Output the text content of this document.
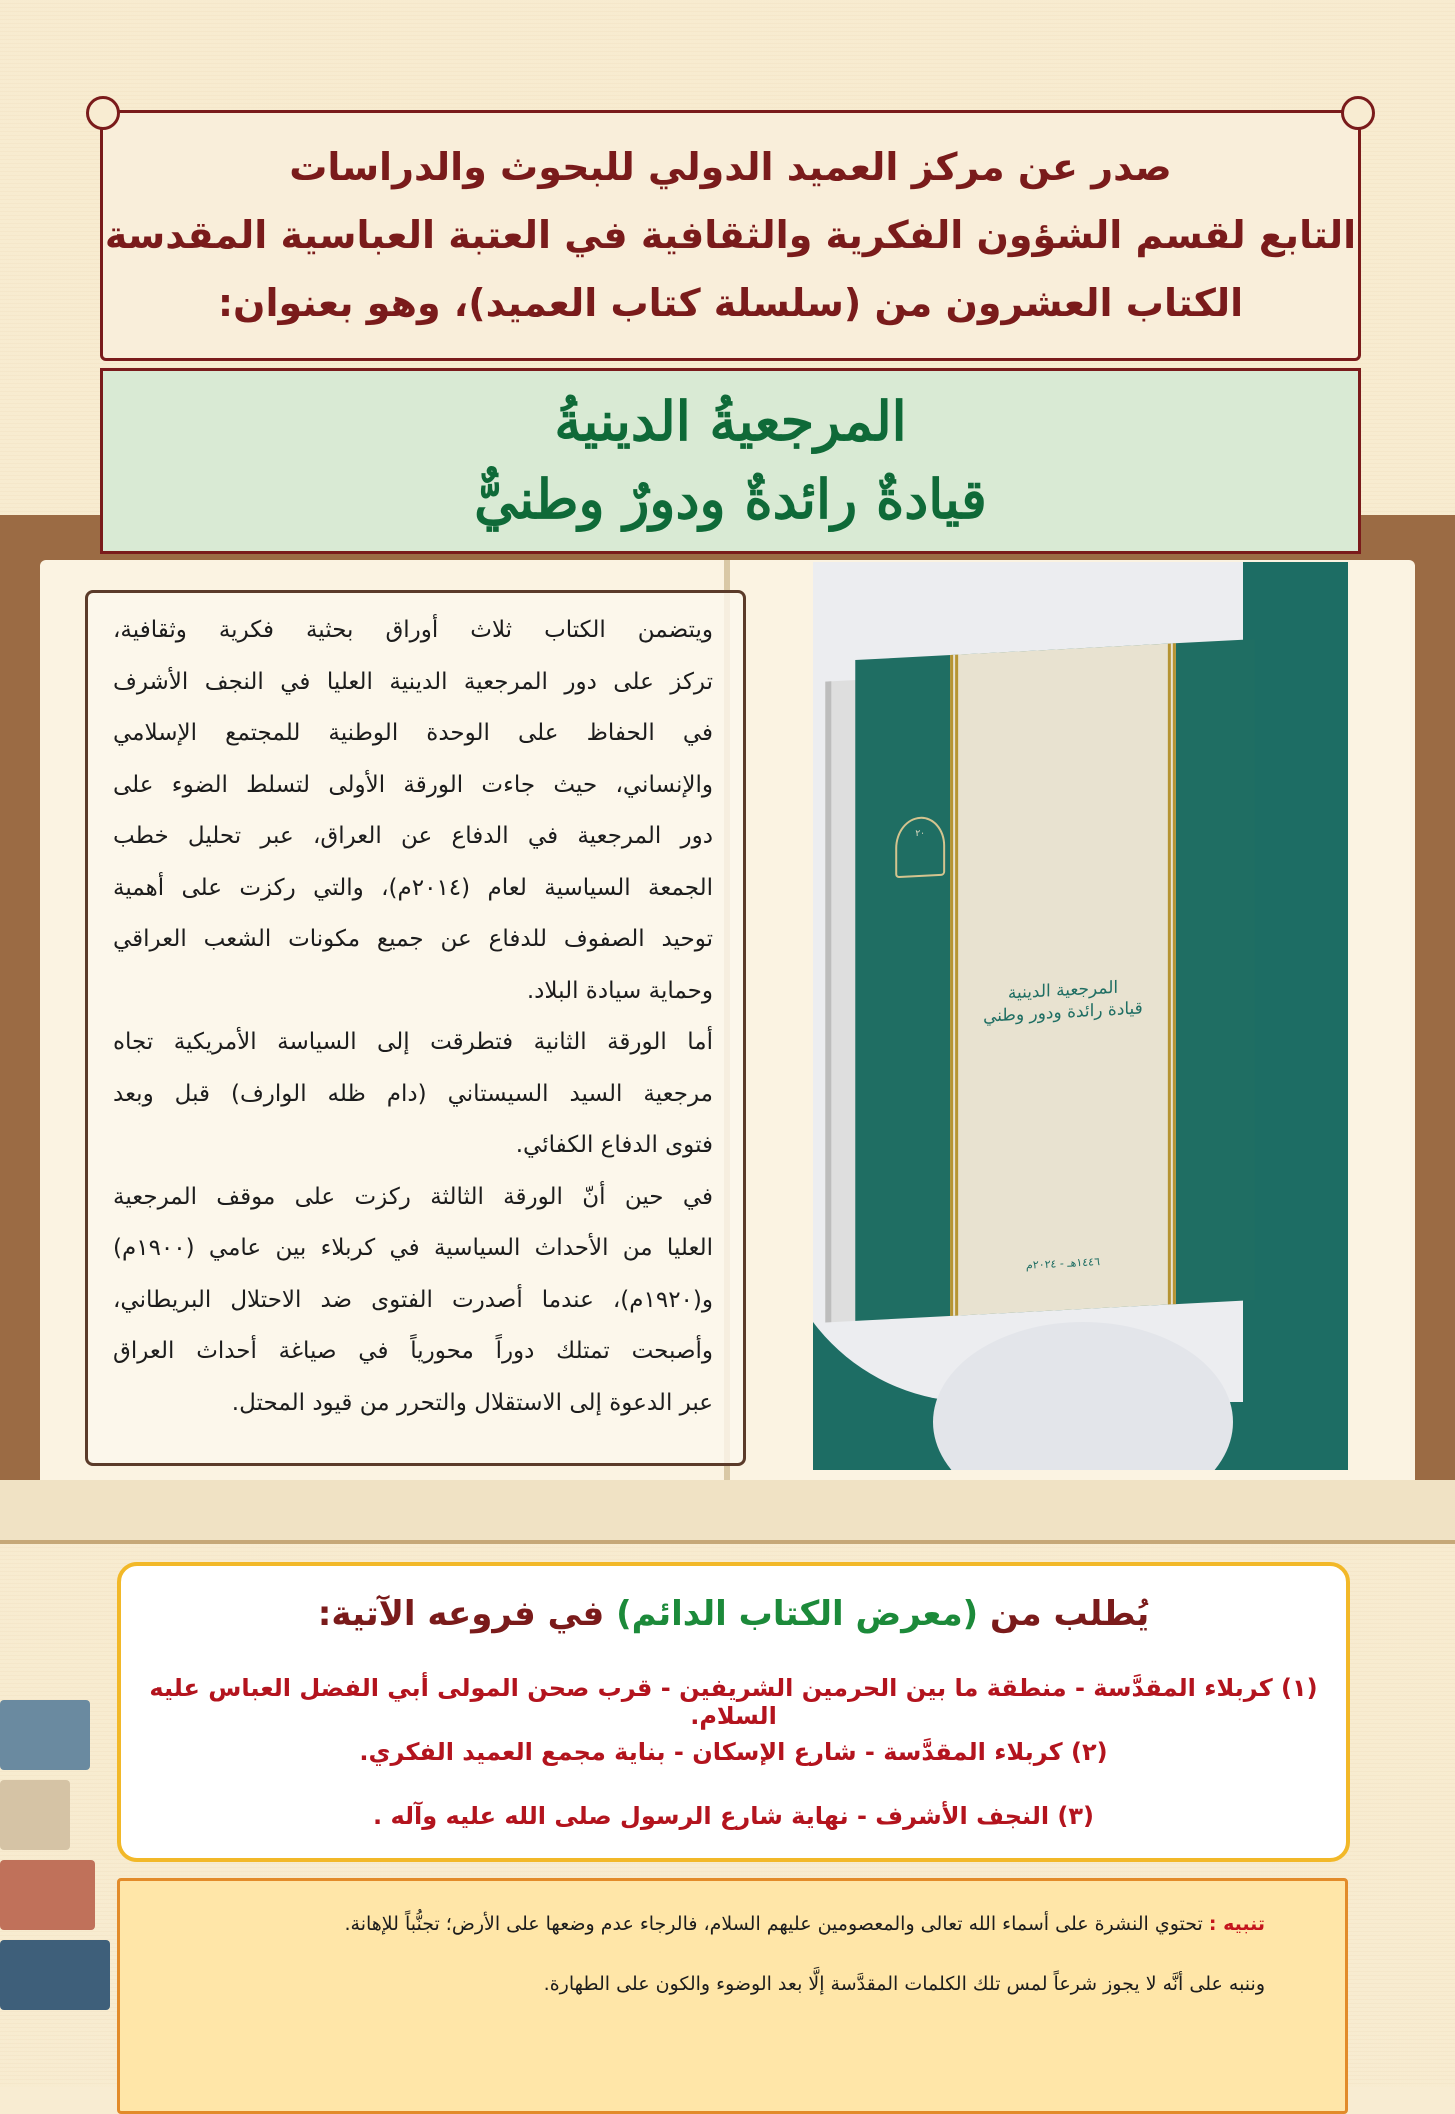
صدر عن مركز العميد الدولي للبحوث والدراسات
التابع لقسم الشؤون الفكرية والثقافية في العتبة العباسية المقدسة
الكتاب العشرون من (سلسلة كتاب العميد)، وهو بعنوان:
المرجعيةُ الدينيةُ
قيادةٌ رائدةٌ ودورٌ وطنيٌّ
ويتضمن الكتاب ثلاث أوراق بحثية فكرية وثقافية،
تركز على دور المرجعية الدينية العليا في النجف الأشرف
في الحفاظ على الوحدة الوطنية للمجتمع الإسلامي
والإنساني، حيث جاءت الورقة الأولى لتسلط الضوء على
دور المرجعية في الدفاع عن العراق، عبر تحليل خطب
الجمعة السياسية لعام (٢٠١٤م)، والتي ركزت على أهمية
توحيد الصفوف للدفاع عن جميع مكونات الشعب العراقي
وحماية سيادة البلاد.
أما الورقة الثانية فتطرقت إلى السياسة الأمريكية تجاه
مرجعية السيد السيستاني (دام ظله الوارف) قبل وبعد
فتوى الدفاع الكفائي.
في حين أنّ الورقة الثالثة ركزت على موقف المرجعية
العليا من الأحداث السياسية في كربلاء بين عامي (١٩٠٠م)
و(١٩٢٠م)، عندما أصدرت الفتوى ضد الاحتلال البريطاني،
وأصبحت تمتلك دوراً محورياً في صياغة أحداث العراق
عبر الدعوة إلى الاستقلال والتحرر من قيود المحتل.
المرجعية الدينية
قيادة رائدة ودور وطني
١٤٤٦هـ - ٢٠٢٤م
٢٠
يُطلب من (معرض الكتاب الدائم) في فروعه الآتية:
(١) كربلاء المقدَّسة - منطقة ما بين الحرمين الشريفين - قرب صحن المولى أبي الفضل العباس عليه السلام.
(٢) كربلاء المقدَّسة - شارع الإسكان - بناية مجمع العميد الفكري.
(٣) النجف الأشرف - نهاية شارع الرسول صلى الله عليه وآله .
تنبيه : تحتوي النشرة على أسماء الله تعالى والمعصومين عليهم السلام، فالرجاء عدم وضعها على الأرض؛ تجنُّباً للإهانة.
وننبه على أنَّه لا يجوز شرعاً لمس تلك الكلمات المقدَّسة إلَّا بعد الوضوء والكون على الطهارة.
